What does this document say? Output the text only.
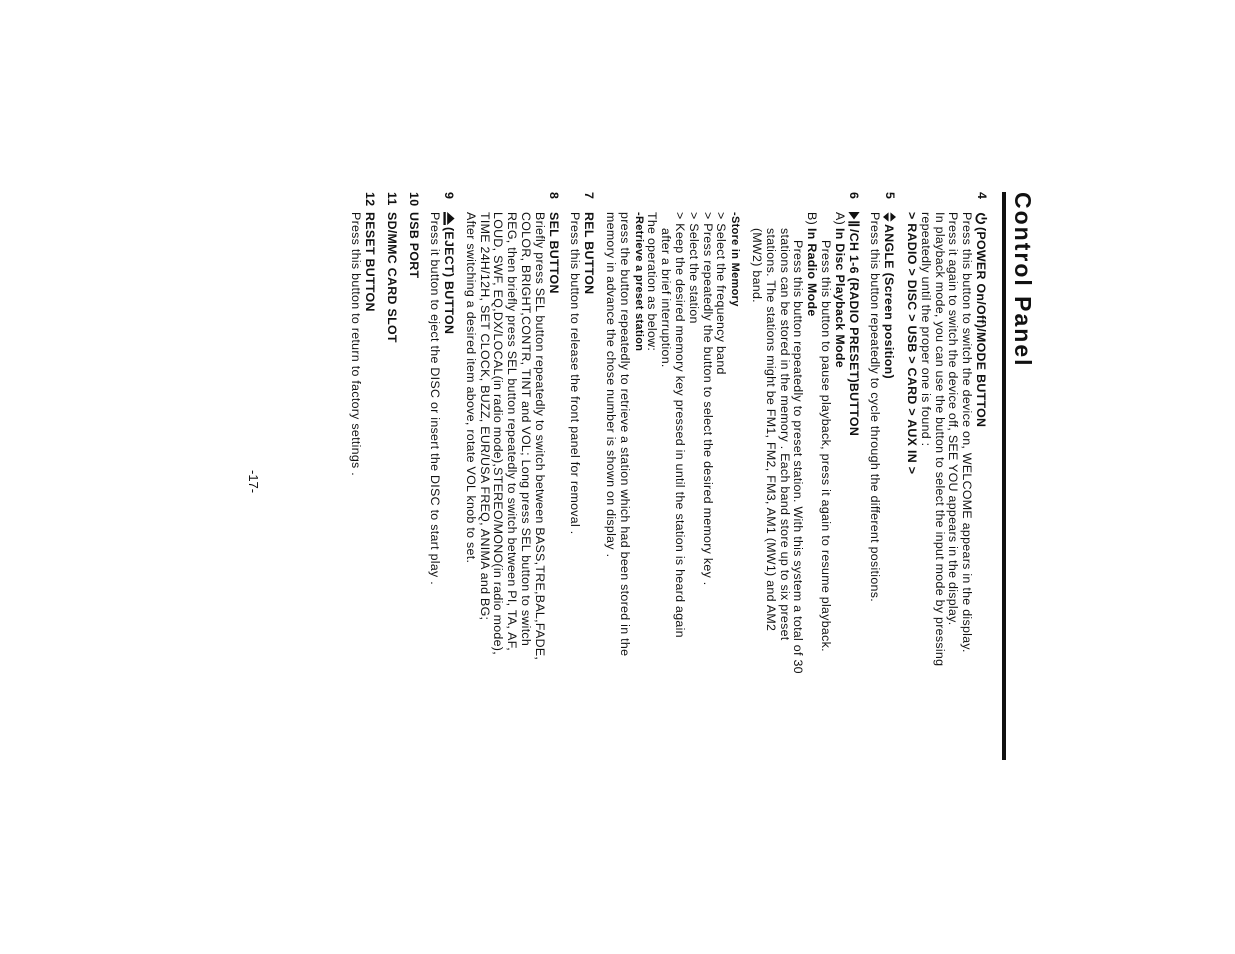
Control Panel
4
(POWER On/Off)/MODE BUTTON

Press this button to switch the device on, WELCOME appears in the display.
Press it again to switch the device off, SEE YOU appears in the display.
In playback mode, you can use the button to select the input mode by pressing
repeatedly until the proper one is found :

> RADIO > DISC > USB > CARD > AUX IN >
5
ANGLE (Screen position)

Press this button repeatedly to cycle through the different positions.

6
/CH 1-6 (RADIO PRESET)BUTTON
A)
In Disc Playback Mode

Press this button to pause playback, press it again to resume playback.

B)
In Radio Mode

Press this button repeatedly to preset station. With this system a total of 30

stations can be stored in the memory . Each band store up to six preset
stations. The stations might be FM1, FM2, FM3, AM1 (MW1) and AM2
(MW2) band.

-Store in Memory

> Select the frequency band
> Press repeatedly the button to select the desired memory key .
> Select the station
> Keep the desired memory key pressed in until the station is heard again

after a brief interruption.

The operation as below:

-Retrieve a preset station

press the button repeatedly to retrieve a station which had been stored in the
memory in advance the chose number is shown on display .

7
REL BUTTON

Press this button to release the front panel for removal .

8
SEL BUTTON

Briefly press SEL button repeatedly to switch between BASS,TRE,BAL,FADE,
COLOR, BRIGHT,CONTR, TINT and VOL; Long press SEL button to switch
REG, then briefly press SEL button repeatedly to switch between PI, TA, AF,
LOUD, SWF, EQ,DX/LOCAL(in radio mode),STEREO/MONO(in radio mode),
TIME 24H/12H, SET CLOCK, BUZZ, EUR/USA FREQ, ANIMA and BG;
After switching a desired item above, rotate VOL knob to set.

9
(EJECT) BUTTON

Press it button to eject the DISC or insert the DISC to start play .

10
USB PORT
11
SD/MMC CARD SLOT
12
RESET BUTTON

Press this button to return to factory settings .

-17-
